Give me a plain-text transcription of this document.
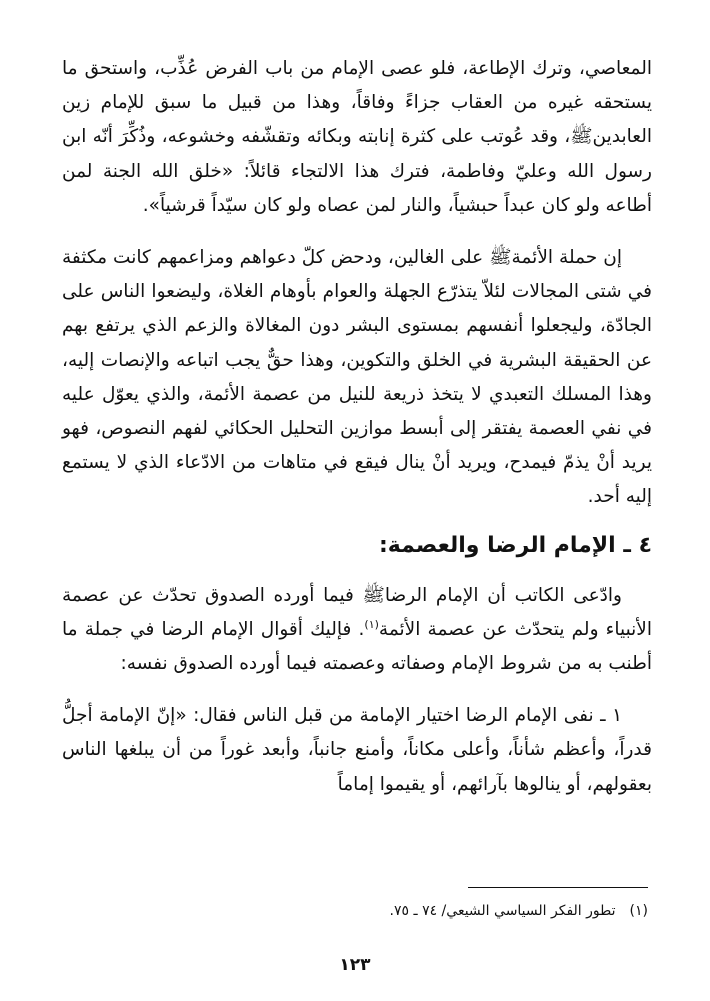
المعاصي، وترك الإطاعة، فلو عصى الإمام من باب الفرض عُذِّب، واستحق ما يستحقه غيره من العقاب جزاءً وفاقاً، وهذا من قبيل ما سبق للإمام زين العابدينﷺ، وقد عُوتب على كثرة إنابته وبكائه وتقشّفه وخشوعه، وذُكِّرَ أنّه ابن رسول الله وعليّ وفاطمة، فترك هذا الالتجاء قائلاً: «خلق الله الجنة لمن أطاعه ولو كان عبداً حبشياً، والنار لمن عصاه ولو كان سيّداً قرشياً».

إن حملة الأئمةﷺ على الغالين، ودحض كلّ دعواهم ومزاعمهم كانت مكثفة في شتى المجالات لئلاّ يتذرّع الجهلة والعوام بأوهام الغلاة، وليضعوا الناس على الجادّة، وليجعلوا أنفسهم بمستوى البشر دون المغالاة والزعم الذي يرتفع بهم عن الحقيقة البشرية في الخلق والتكوين، وهذا حقٌّ يجب اتباعه والإنصات إليه، وهذا المسلك التعبدي لا يتخذ ذريعة للنيل من عصمة الأئمة، والذي يعوّل عليه في نفي العصمة يفتقر إلى أبسط موازين التحليل الحكائي لفهم النصوص، فهو يريد أنْ يذمّ فيمدح، ويريد أنْ ينال فيقع في متاهات من الادّعاء الذي لا يستمع إليه أحد.

٤ ـ الإمام الرضا والعصمة:

وادّعى الكاتب أن الإمام الرضاﷺ فيما أورده الصدوق تحدّث عن عصمة الأنبياء ولم يتحدّث عن عصمة الأئمة$^{(١)}$. فإليك أقوال الإمام الرضا في جملة ما أطنب به من شروط الإمام وصفاته وعصمته فيما أورده الصدوق نفسه:

١ ـ نفى الإمام الرضا اختيار الإمامة من قبل الناس فقال: «إنّ الإمامة أجلُّ قدراً، وأعظم شأناً، وأعلى مكاناً، وأمنع جانباً، وأبعد غوراً من أن يبلغها الناس بعقولهم، أو ينالوها بآرائهم، أو يقيموا إماماً

(١)تطور الفكر السياسي الشيعي/ ٧٤ ـ ٧٥.
١٢٣
